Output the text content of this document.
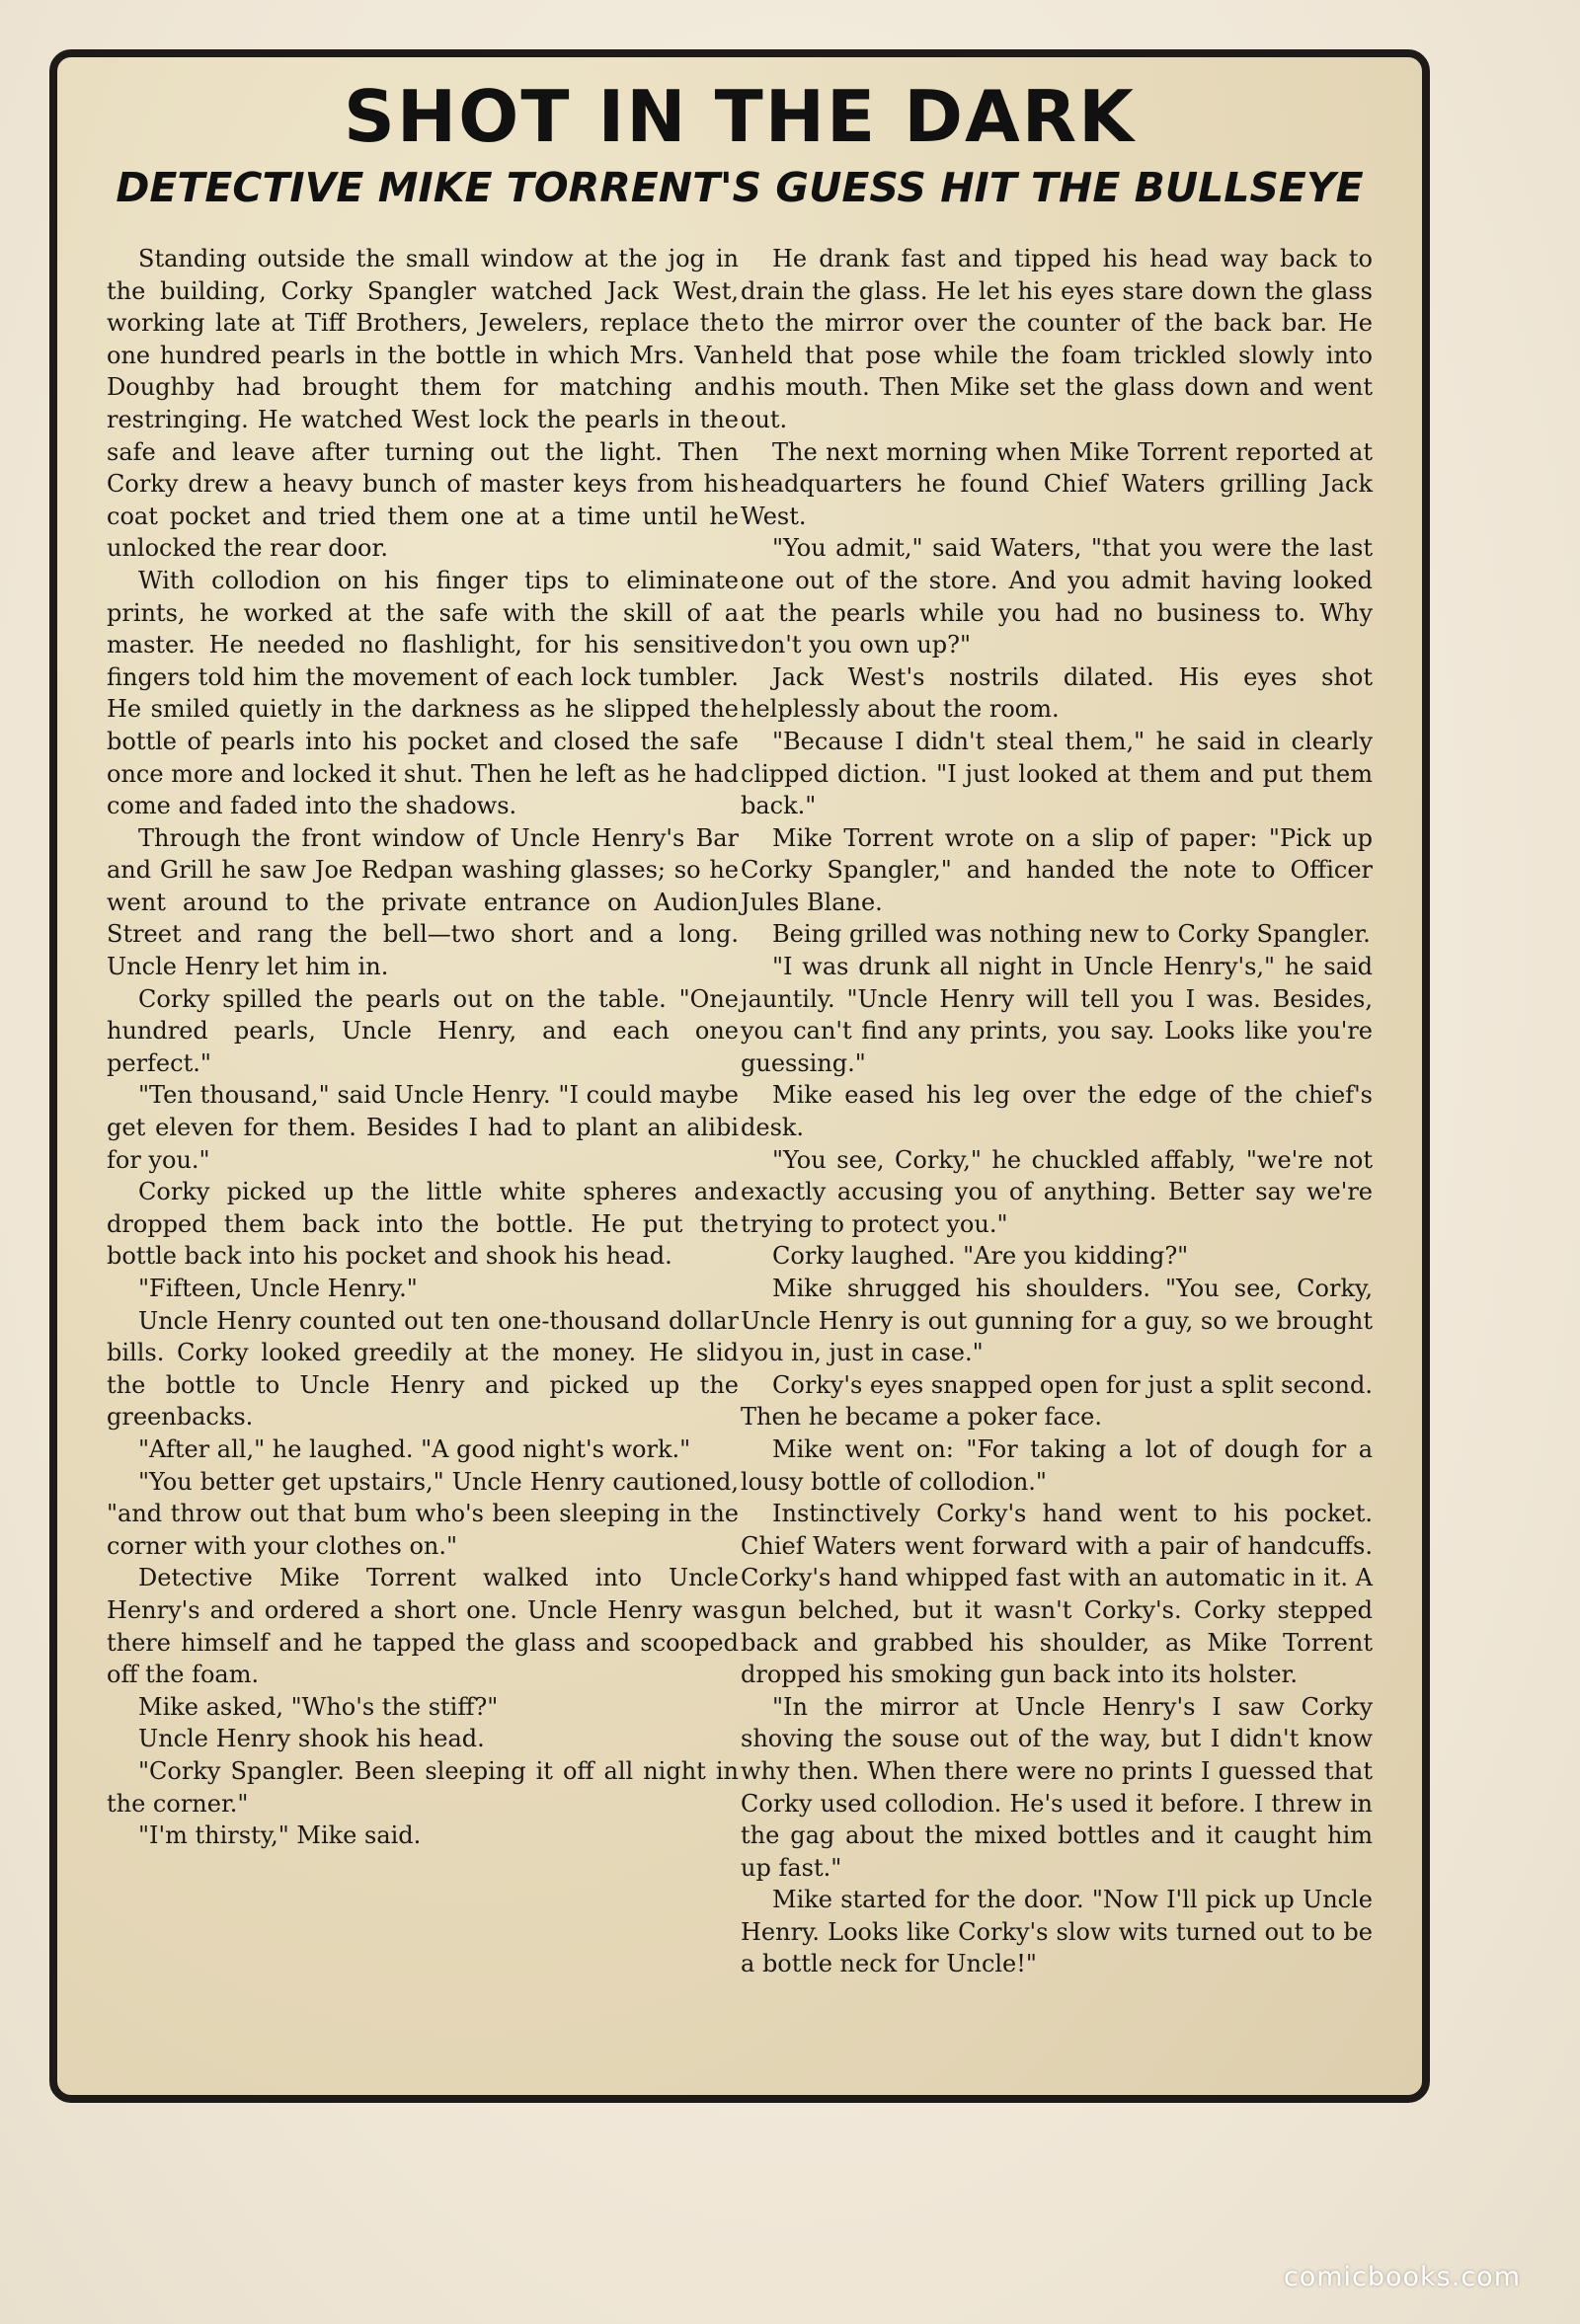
SHOT IN THE DARK
DETECTIVE MIKE TORRENT'S GUESS HIT THE BULLSEYE

Standing outside the small window at the jog in the building, Corky Spangler watched Jack West, working late at Tiff Brothers, Jewelers, replace the one hundred pearls in the bottle in which Mrs. Van Doughby had brought them for matching and restringing. He watched West lock the pearls in the safe and leave after turning out the light. Then Corky drew a heavy bunch of master keys from his coat pocket and tried them one at a time until he unlocked the rear door.

With collodion on his finger tips to eliminate prints, he worked at the safe with the skill of a master. He needed no flashlight, for his sensitive fingers told him the movement of each lock tumbler. He smiled quietly in the darkness as he slipped the bottle of pearls into his pocket and closed the safe once more and locked it shut. Then he left as he had come and faded into the shadows.

Through the front window of Uncle Henry's Bar and Grill he saw Joe Redpan washing glasses; so he went around to the private entrance on Audion Street and rang the bell—two short and a long. Uncle Henry let him in.

Corky spilled the pearls out on the table. "One hundred pearls, Uncle Henry, and each one perfect."

"Ten thousand," said Uncle Henry. "I could maybe get eleven for them. Besides I had to plant an alibi for you."

Corky picked up the little white spheres and dropped them back into the bottle. He put the bottle back into his pocket and shook his head.

"Fifteen, Uncle Henry."

Uncle Henry counted out ten one-thousand dollar bills. Corky looked greedily at the money. He slid the bottle to Uncle Henry and picked up the greenbacks.

"After all," he laughed. "A good night's work."

"You better get upstairs," Uncle Henry cautioned, "and throw out that bum who's been sleeping in the corner with your clothes on."

Detective Mike Torrent walked into Uncle Henry's and ordered a short one. Uncle Henry was there himself and he tapped the glass and scooped off the foam.

Mike asked, "Who's the stiff?"

Uncle Henry shook his head.

"Corky Spangler. Been sleeping it off all night in the corner."

"I'm thirsty," Mike said.

He drank fast and tipped his head way back to drain the glass. He let his eyes stare down the glass to the mirror over the counter of the back bar. He held that pose while the foam trickled slowly into his mouth. Then Mike set the glass down and went out.

The next morning when Mike Torrent reported at headquarters he found Chief Waters grilling Jack West.

"You admit," said Waters, "that you were the last one out of the store. And you admit having looked at the pearls while you had no business to. Why don't you own up?"

Jack West's nostrils dilated. His eyes shot helplessly about the room.

"Because I didn't steal them," he said in clearly clipped diction. "I just looked at them and put them back."

Mike Torrent wrote on a slip of paper: "Pick up Corky Spangler," and handed the note to Officer Jules Blane.

Being grilled was nothing new to Corky Spangler.

"I was drunk all night in Uncle Henry's," he said jauntily. "Uncle Henry will tell you I was. Besides, you can't find any prints, you say. Looks like you're guessing."

Mike eased his leg over the edge of the chief's desk.

"You see, Corky," he chuckled affably, "we're not exactly accusing you of anything. Better say we're trying to protect you."

Corky laughed. "Are you kidding?"

Mike shrugged his shoulders. "You see, Corky, Uncle Henry is out gunning for a guy, so we brought you in, just in case."

Corky's eyes snapped open for just a split second. Then he became a poker face.

Mike went on: "For taking a lot of dough for a lousy bottle of collodion."

Instinctively Corky's hand went to his pocket. Chief Waters went forward with a pair of handcuffs. Corky's hand whipped fast with an automatic in it. A gun belched, but it wasn't Corky's. Corky stepped back and grabbed his shoulder, as Mike Torrent dropped his smoking gun back into its holster.

"In the mirror at Uncle Henry's I saw Corky shoving the souse out of the way, but I didn't know why then. When there were no prints I guessed that Corky used collodion. He's used it before. I threw in the gag about the mixed bottles and it caught him up fast."

Mike started for the door. "Now I'll pick up Uncle Henry. Looks like Corky's slow wits turned out to be a bottle neck for Uncle!"

comicbooks.com
